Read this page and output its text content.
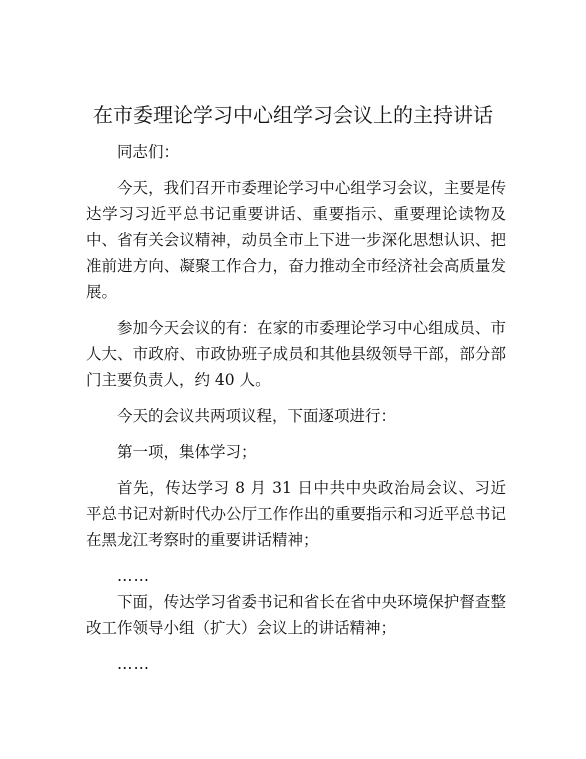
在市委理论学习中心组学习会议上的主持讲话

同志们：

今天，我们召开市委理论学习中心组学习会议，主要是传达学习习近平总书记重要讲话、重要指示、重要理论读物及中、省有关会议精神，动员全市上下进一步深化思想认识、把准前进方向、凝聚工作合力，奋力推动全市经济社会高质量发展。

参加今天会议的有：在家的市委理论学习中心组成员、市人大、市政府、市政协班子成员和其他县级领导干部，部分部门主要负责人，约 40 人。

今天的会议共两项议程，下面逐项进行：

第一项，集体学习；

首先，传达学习 8 月 31 日中共中央政治局会议、习近平总书记对新时代办公厅工作作出的重要指示和习近平总书记在黑龙江考察时的重要讲话精神；

……

下面，传达学习省委书记和省长在省中央环境保护督查整改工作领导小组（扩大）会议上的讲话精神；

……
